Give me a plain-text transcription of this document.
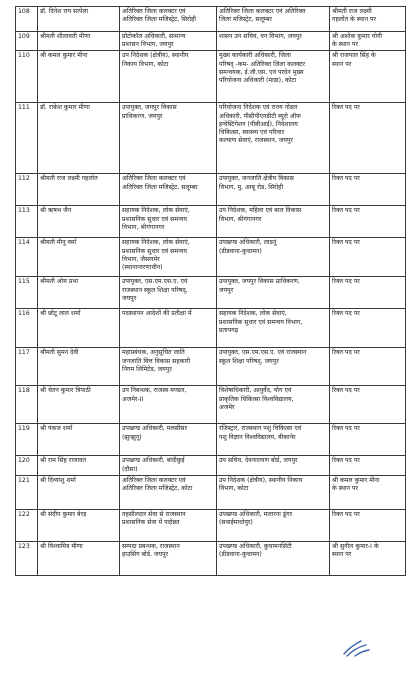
108	डॉ. दिनेश राय सापेला	अतिरिक्त जिला कलक्टर एवं
अतिरिक्त जिला मजिस्ट्रेट, सिरोही	अतिरिक्त जिला कलक्टर एवं अतिरिक्त
जिला मजिस्ट्रेट, सलूम्बर	श्रीमती राज लक्ष्मी
गहलोत के स्थान पर

109	श्रीमती शीलावती मीणा	प्रोटोकॉल अधिकारी, सामान्य
प्रशासन विभाग, जयपुर	शासन उप सचिव, वन विभाग, जयपुर	श्री अशोक कुमार योगी
के स्थान पर

110	श्री कमल कुमार मीना	उप निदेशक (क्षेत्रीय), स्थानीय
निकाय विभाग, कोटा	मुख्य कार्यकारी अधिकारी, जिला
परिषद् -कम- अतिरिक्त जिला कलक्टर
समन्वयक, ई.जी.एस. एवं परदेन मुख्य
परियोजना अधिकारी (माडा), कोटा	श्री राजपाल सिंह के
स्थान पर

111	डॉ. राकेश कुमार मीणा	उपायुक्त, जयपुर विकास
प्राधिकरण, जयपुर	परियोजना निदेशक एवं राज्य नोडल
अधिकारी, पीसीपीएनडीटी ब्यूरो ऑफ
इन्वेस्टिगेशन (पीबीआई), निदेशालय
चिकित्सा, स्वास्थ्य एवं परिवार
कल्याण सेवाएं, राजस्थान, जयपुर	रिक्त पद पर

112	श्रीमती राज लक्ष्मी गहलोत	अतिरिक्त जिला कलक्टर एवं
अतिरिक्त जिला मजिस्ट्रेट, सलूम्बर	उपायुक्त, जनजाति क्षेत्रीय विकास
विभाग, मु. आबू रोड, सिरोही	रिक्त पद पर

113	श्री ऋषभ जैन	सहायक निदेशक, लोक सेवाएं,
प्रशासनिक सुधार एवं समन्वय
विभाग, श्रीगंगानगर	उप निदेशक, महिला एवं बाल विकास
विभाग, श्रीगंगानगर	रिक्त पद पर

114	श्रीमती मीनू वर्मा	सहायक निदेशक, लोक सेवाएं,
प्रशासनिक सुधार एवं समन्वय
विभाग, जैसलमेर
(स्थानान्तरणाधीन)	उपखण्ड अधिकारी, लाडनूं
(डीडवाना-कुचामन)	रिक्त पद पर

115	श्रीमती ओम प्रभा	उपायुक्त, एस.एम.एस.ए. एवं
राजस्थान स्कूल शिक्षा परिषद्,
जयपुर	उपायुक्त, जयपुर विकास प्राधिकरण,
जयपुर	रिक्त पद पर

116	श्री छोटू लाल शर्मा	पदस्थापन आदेशों की प्रतीक्षा में	सहायक निदेशक, लोक सेवाएं,
प्रशासनिक सुधार एवं समन्वय विभाग,
प्रतापगढ़	रिक्त पद पर

117	श्रीमती सुमन देवी	महाप्रबंधक, अनुसूचित जाति
जनजाति वित्त विकास सहकारी
निगम लिमिटेड, जयपुर	उपायुक्त, एस.एम.एस.ए. एवं राजस्थान
स्कूल शिक्षा परिषद्, जयपुर	रिक्त पद पर

118	श्री चेतन कुमार त्रिपाठी	उप निबन्धक, राजस्व मण्डल,
अजमेर-II	विशेषाधिकारी, आयुर्वेद, योग एवं
प्राकृतिक चिकित्सा विश्वविद्यालय,
अजमेर	रिक्त पद पर

119	श्री पंकज शर्मा	उपखण्ड अधिकारी, मलसीसर
(झुन्झुनू)	रजिस्ट्रार, राजस्थान पशु चिकित्सा एवं
पशु विज्ञान विश्वविद्यालय, बीकानेर	रिक्त पद पर

120	श्री राम सिंह राजावत	उपखण्ड अधिकारी, बांदीकुई
(दौसा)	उप सचिव, देवनारायण बोर्ड, जयपुर	रिक्त पद पर

121	श्री दिव्यांशु शर्मा	अतिरिक्त जिला कलक्टर एवं
अतिरिक्त जिला मजिस्ट्रेट, कोटा	उप निदेशक (क्षेत्रीय), स्थानीय निकाय
विभाग, कोटा	श्री कमल कुमार मीना
के स्थान पर

122	श्री संदीप कुमार बेरड़	तहसीलदार सेवा से राजस्थान
प्रशासनिक सेवा में पदोन्नत	उपखण्ड अधिकारी, मलारना डूंगर
(सवाईमाधोपुर)	रिक्त पद पर

123	श्री विश्वामित्र मीणा	सम्पदा प्रबन्धक, राजस्थान
हाउसिंग बोर्ड, जयपुर	उपखण्ड अधिकारी, कुचामनसिटी
(डीडवाना-कुचामन)	श्री सुनील कुमार-I के
स्थान पर
